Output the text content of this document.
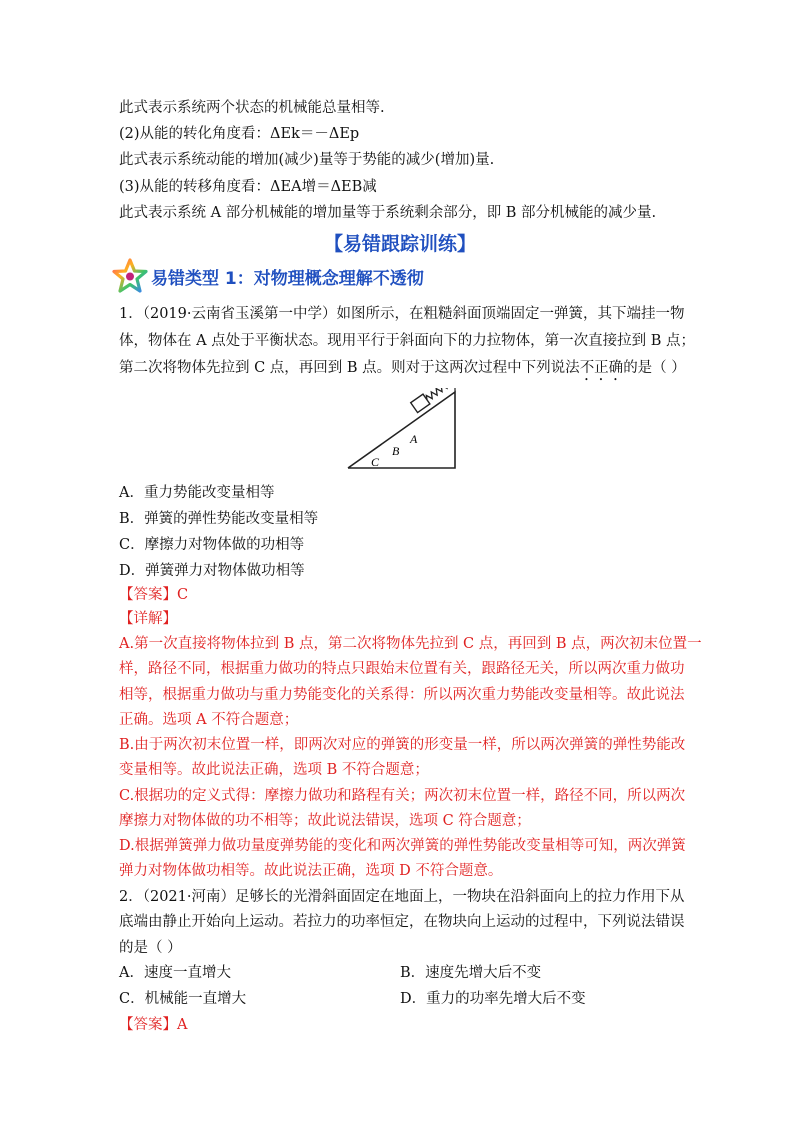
此式表示系统两个状态的机械能总量相等.
(2)从能的转化角度看：ΔEk＝－ΔEp
此式表示系统动能的增加(减少)量等于势能的减少(增加)量.
(3)从能的转移角度看：ΔEA增＝ΔEB减
此式表示系统 A 部分机械能的增加量等于系统剩余部分，即 B 部分机械能的减少量.
【易错跟踪训练】
易错类型 1：对物理概念理解不透彻
1．（2019·云南省玉溪第一中学）如图所示，在粗糙斜面顶端固定一弹簧，其下端挂一物
体，物体在 A 点处于平衡状态。现用平行于斜面向下的力拉物体，第一次直接拉到 B 点；
第二次将物体先拉到 C 点，再回到 B 点。则对于这两次过程中下列说法不正确的是（ ）
A
B
C
A．重力势能改变量相等
B．弹簧的弹性势能改变量相等
C．摩擦力对物体做的功相等
D．弹簧弹力对物体做功相等
【答案】C
【详解】
A.第一次直接将物体拉到 B 点，第二次将物体先拉到 C 点，再回到 B 点，两次初末位置一
样，路径不同，根据重力做功的特点只跟始末位置有关，跟路径无关，所以两次重力做功
相等，根据重力做功与重力势能变化的关系得：所以两次重力势能改变量相等。故此说法
正确。选项 A 不符合题意；
B.由于两次初末位置一样，即两次对应的弹簧的形变量一样，所以两次弹簧的弹性势能改
变量相等。故此说法正确，选项 B 不符合题意；
C.根据功的定义式得：摩擦力做功和路程有关；两次初末位置一样，路径不同，所以两次
摩擦力对物体做的功不相等；故此说法错误，选项 C 符合题意；
D.根据弹簧弹力做功量度弹势能的变化和两次弹簧的弹性势能改变量相等可知，两次弹簧
弹力对物体做功相等。故此说法正确，选项 D 不符合题意。
2．（2021·河南）足够长的光滑斜面固定在地面上，一物块在沿斜面向上的拉力作用下从
底端由静止开始向上运动。若拉力的功率恒定，在物块向上运动的过程中，下列说法错误
的是（ ）
A．速度一直增大	B．速度先增大后不变
C．机械能一直增大	D．重力的功率先增大后不变
【答案】A
